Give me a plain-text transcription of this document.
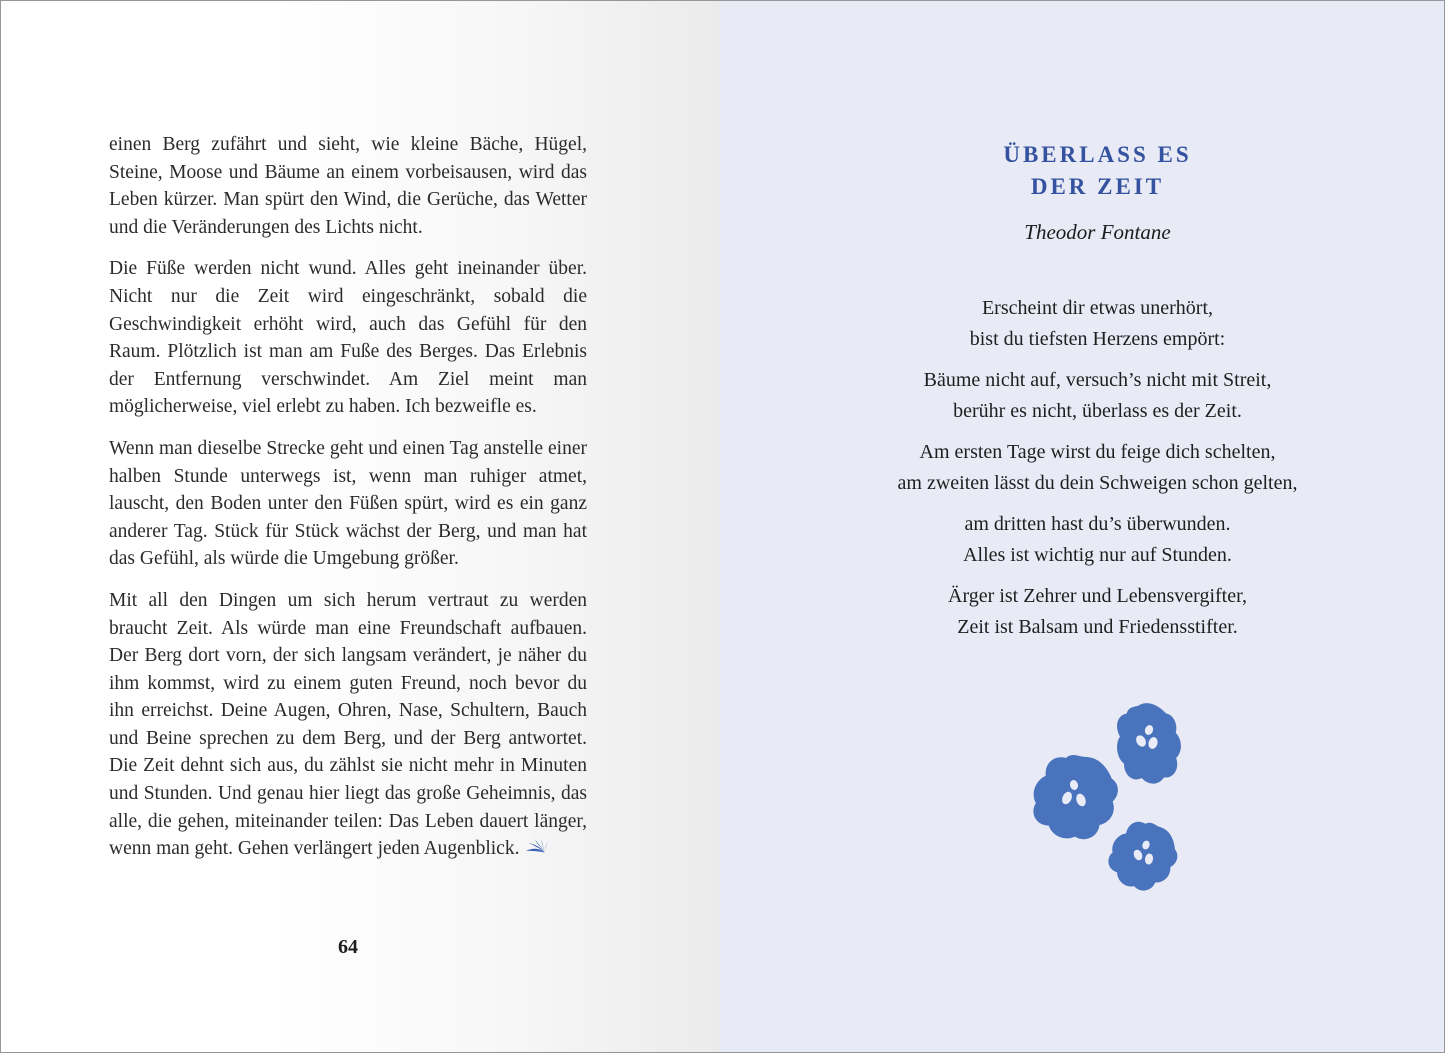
einen Berg zufährt und sieht, wie kleine Bäche, Hügel, Steine, Moose und Bäume an einem vorbeisausen, wird das Leben kürzer. Man spürt den Wind, die Gerüche, das Wetter und die Veränderungen des Lichts nicht.

Die Füße werden nicht wund. Alles geht ineinander über. Nicht nur die Zeit wird eingeschränkt, sobald die Geschwindigkeit erhöht wird, auch das Gefühl für den Raum. Plötzlich ist man am Fuße des Berges. Das Erlebnis der Entfernung verschwindet. Am Ziel meint man möglicherweise, viel erlebt zu haben. Ich bezweifle es.

Wenn man dieselbe Strecke geht und einen Tag anstelle einer halben Stunde unterwegs ist, wenn man ruhiger atmet, lauscht, den Boden unter den Füßen spürt, wird es ein ganz anderer Tag. Stück für Stück wächst der Berg, und man hat das Gefühl, als würde die Umgebung größer.

Mit all den Dingen um sich herum vertraut zu werden braucht Zeit. Als würde man eine Freundschaft aufbauen. Der Berg dort vorn, der sich langsam verändert, je näher du ihm kommst, wird zu einem guten Freund, noch bevor du ihn erreichst. Deine Augen, Ohren, Nase, Schultern, Bauch und Beine sprechen zu dem Berg, und der Berg antwortet. Die Zeit dehnt sich aus, du zählst sie nicht mehr in Minuten und Stunden. Und genau hier liegt das große Geheimnis, das alle, die gehen, miteinander teilen: Das Leben dauert länger, wenn man geht. Gehen verlängert jeden Augenblick.

64
ÜBERLASS ES
DER ZEIT
Theodor Fontane
Erscheint dir etwas unerhört,
bist du tiefsten Herzens empört:
Bäume nicht auf, versuch’s nicht mit Streit,
berühr es nicht, überlass es der Zeit.
Am ersten Tage wirst du feige dich schelten,
am zweiten lässt du dein Schweigen schon gelten,
am dritten hast du’s überwunden.
Alles ist wichtig nur auf Stunden.
Ärger ist Zehrer und Lebensvergifter,
Zeit ist Balsam und Friedensstifter.
